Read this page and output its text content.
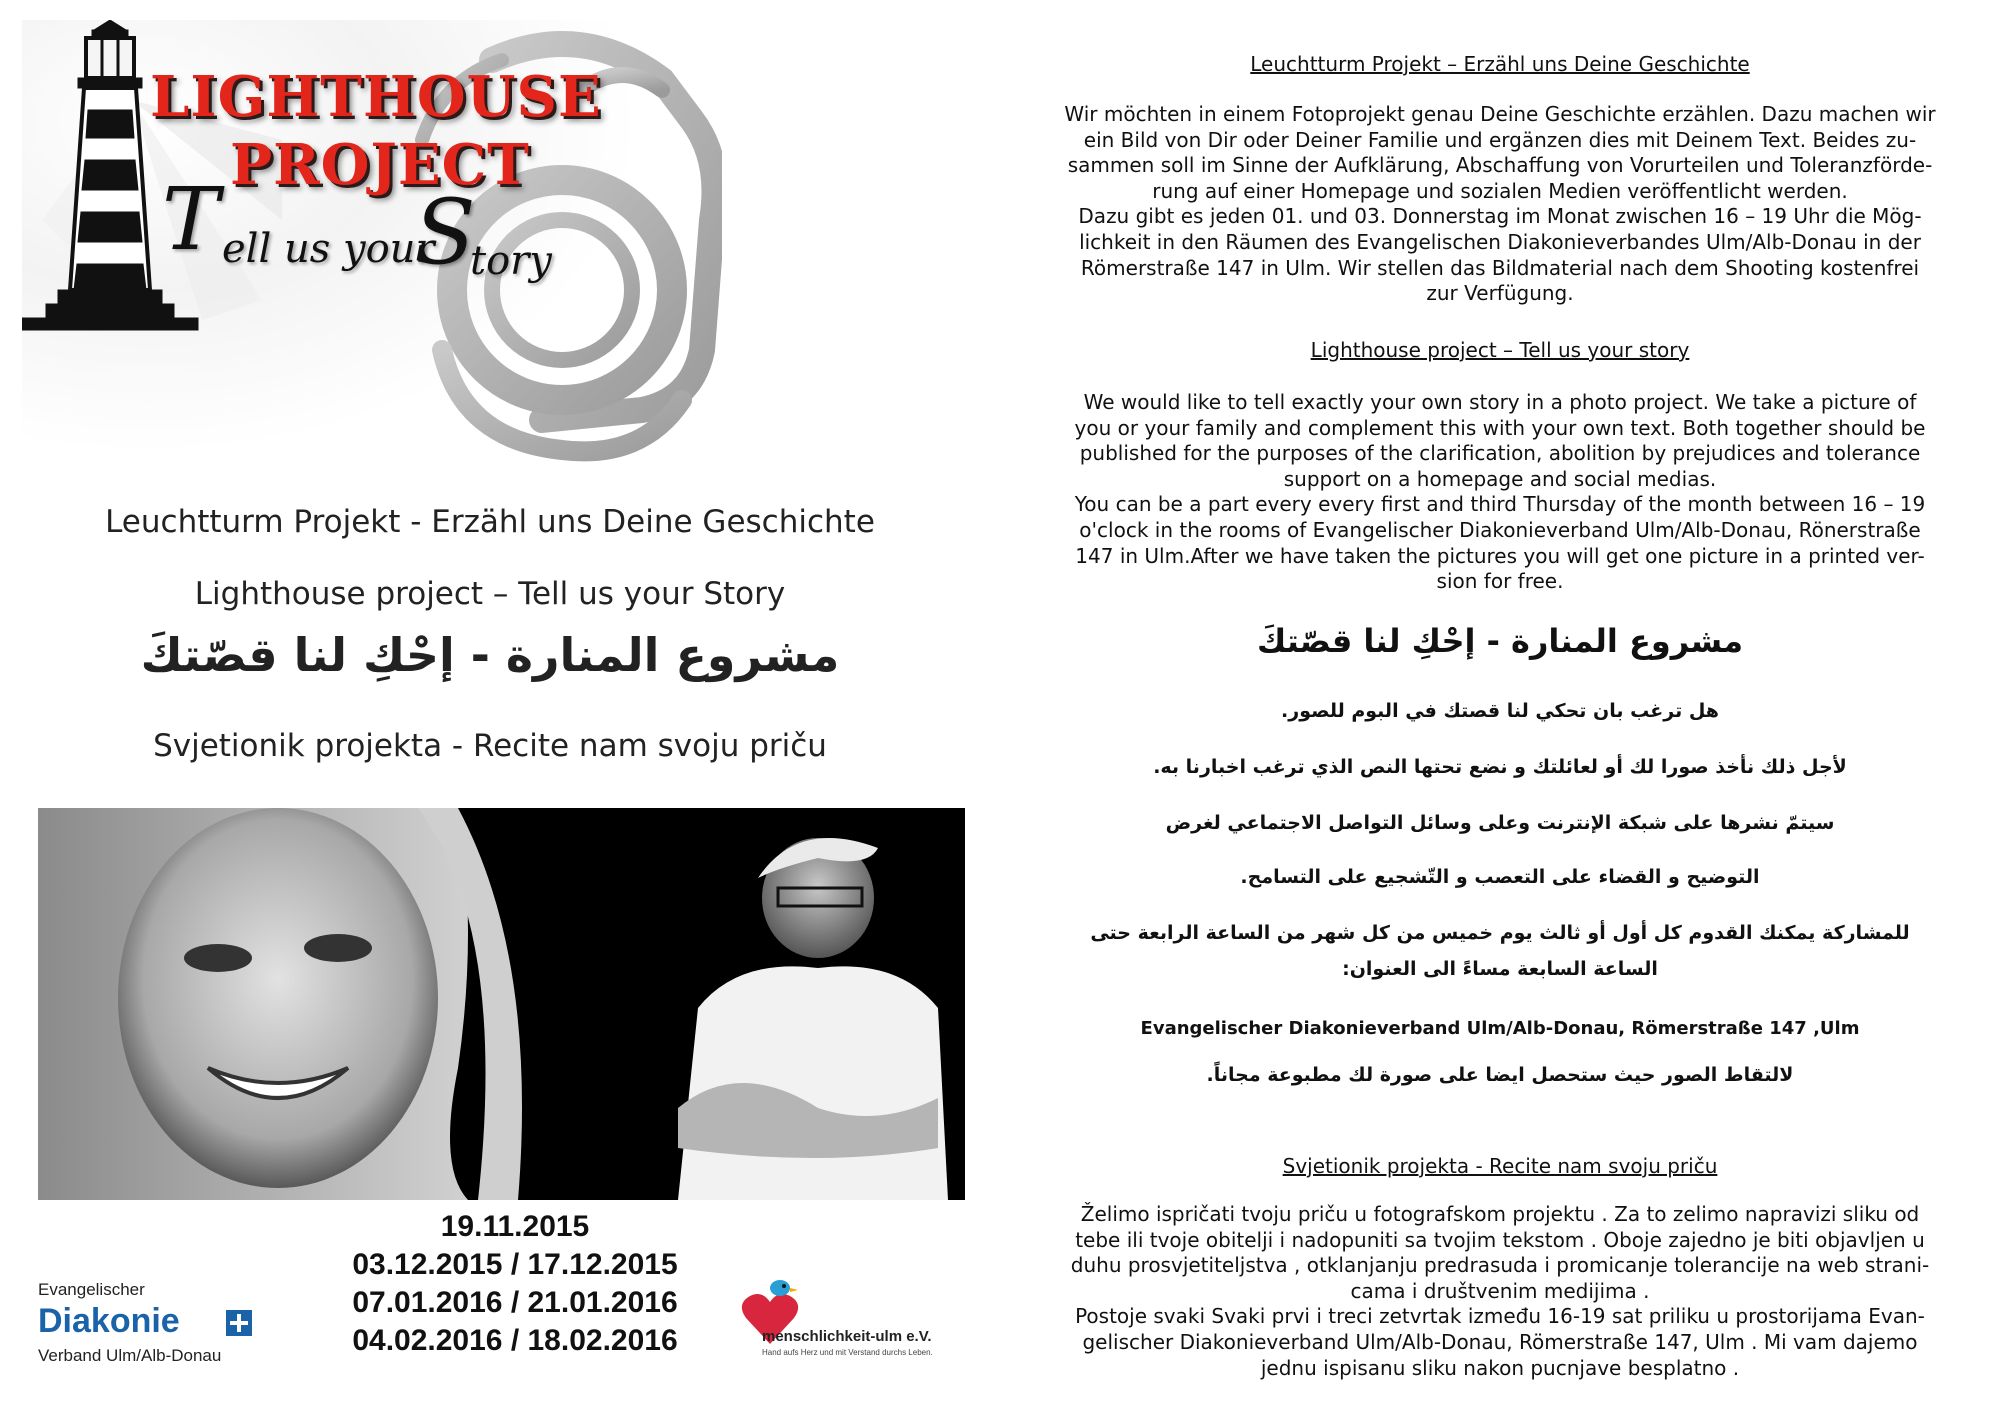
LIGHTHOUSE
PROJECT
T ell us your
S
tory
Leuchtturm Projekt - Erzähl uns Deine Geschichte
Lighthouse project – Tell us your Story
مشروع المنارة - إحْكِ لنا قصّتكَ
Svjetionik projekta - Recite nam svoju priču
19.11.2015
03.12.2015 / 17.12.2015
07.01.2016 / 21.01.2016
04.02.2016 / 18.02.2016
Evangelischer
Diakonie
Verband Ulm/Alb-Donau
menschlichkeit-ulm e.V.
Hand aufs Herz und mit Verstand durchs Leben.
Leuchtturm Projekt – Erzähl uns Deine Geschichte
Wir möchten in einem Fotoprojekt genau Deine Geschichte erzählen. Dazu machen wir
ein Bild von Dir oder Deiner Familie und ergänzen dies mit Deinem Text. Beides zu-
sammen soll im Sinne der Aufklärung, Abschaffung von Vorurteilen und Toleranzförde-
rung auf einer Homepage und sozialen Medien veröffentlicht werden.
Dazu gibt es jeden 01. und 03. Donnerstag im Monat zwischen 16 – 19 Uhr die Mög-
lichkeit in den Räumen des Evangelischen Diakonieverbandes Ulm/Alb-Donau in der
Römerstraße 147 in Ulm. Wir stellen das Bildmaterial nach dem Shooting kostenfrei
zur Verfügung.
Lighthouse project – Tell us your story
We would like to tell exactly your own story in a photo project. We take a picture of
you or your family and complement this with your own text. Both together should be
published for the purposes of the clarification, abolition by prejudices and tolerance
support on a homepage and social medias.
You can be a part every every first and third Thursday of the month between 16 – 19
o'clock in the rooms of Evangelischer Diakonieverband Ulm/Alb-Donau, Rönerstraße
147 in Ulm.After we have taken the pictures you will get one picture in a printed ver-
sion for free.
مشروع المنارة - إحْكِ لنا قصّتكَ
هل ترغب بان تحكي لنا قصتك في البوم للصور.
لأجل ذلك نأخذ صورا لك أو لعائلتك و نضع تحتها النص الذي ترغب اخبارنا به.
سيتمّ نشرها على شبكة الإنترنت وعلى وسائل التواصل الاجتماعي لغرض
التوضيح و القضاء على التعصب و التّشجيع على التسامح.
للمشاركة يمكنك القدوم كل أول أو ثالث يوم خميس من كل شهر من الساعة الرابعة حتى
الساعة السابعة مساءً الى العنوان:
Evangelischer Diakonieverband Ulm/Alb-Donau, Römerstraße 147 ,Ulm
لالتقاط الصور حيث ستحصل ايضا على صورة لك مطبوعة مجاناً.
Svjetionik projekta - Recite nam svoju priču
Želimo ispričati tvoju priču u fotografskom projektu . Za to zelimo napravizi sliku od
tebe ili tvoje obitelji i nadopuniti sa tvojim tekstom . Oboje zajedno je biti objavljen u
duhu prosvjetiteljstva , otklanjanju predrasuda i promicanje tolerancije na web strani-
cama i društvenim medijima .
Postoje svaki Svaki prvi i treci zetvrtak između 16-19 sat priliku u prostorijama Evan-
gelischer Diakonieverband Ulm/Alb-Donau, Römerstraße 147, Ulm . Mi vam dajemo
jednu ispisanu sliku nakon pucnjave besplatno .
